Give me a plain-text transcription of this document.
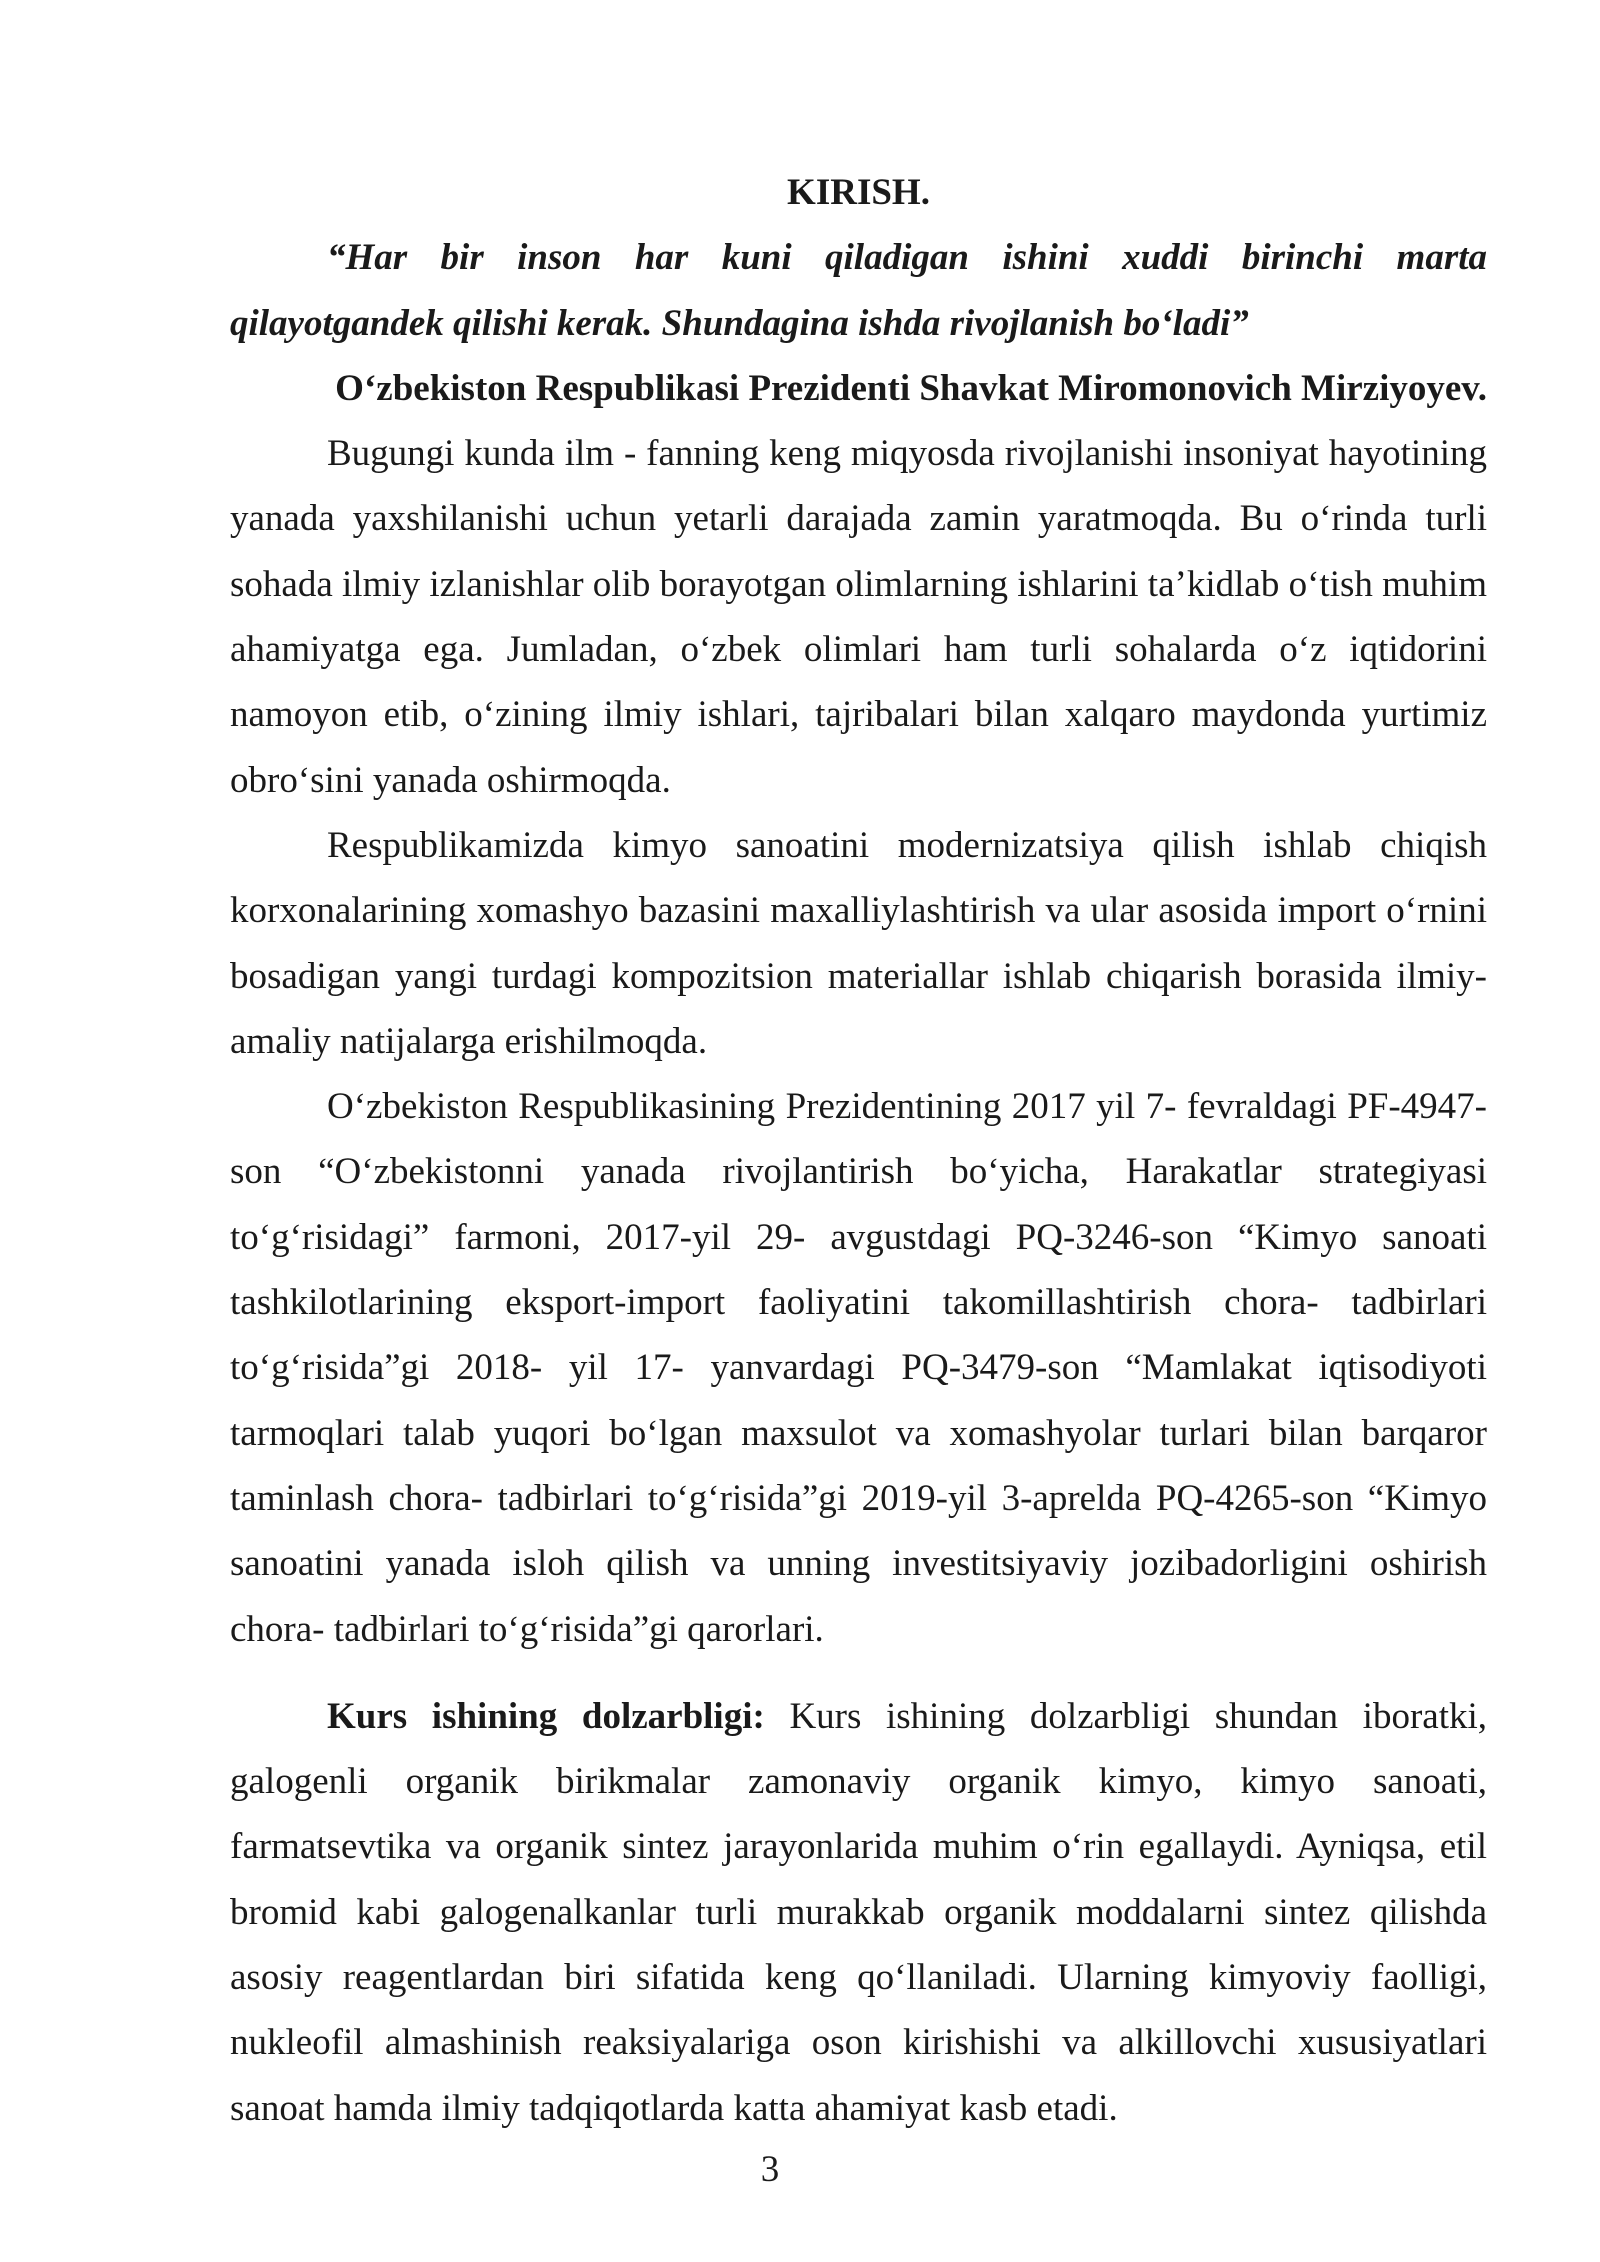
KIRISH.

“Har bir inson har kuni qiladigan ishini xuddi birinchi marta qilayotgandek qilishi kerak. Shundagina ishda rivojlanish bo‘ladi”

O‘zbekiston Respublikasi Prezidenti Shavkat Miromonovich Mirziyoyev.

Bugungi kunda ilm - fanning keng miqyosda rivojlanishi insoniyat hayotining yanada yaxshilanishi uchun yetarli darajada zamin yaratmoqda. Bu o‘rinda turli sohada ilmiy izlanishlar olib borayotgan olimlarning ishlarini ta’kidlab o‘tish muhim ahamiyatga ega. Jumladan, o‘zbek olimlari ham turli sohalarda o‘z iqtidorini namoyon etib, o‘zining ilmiy ishlari, tajribalari bilan xalqaro maydonda yurtimiz obro‘sini yanada oshirmoqda.

Respublikamizda kimyo sanoatini modernizatsiya qilish ishlab chiqish korxonalarining xomashyo bazasini maxalliylashtirish va ular asosida import o‘rnini bosadigan yangi turdagi kompozitsion materiallar ishlab chiqarish borasida ilmiy-amaliy natijalarga erishilmoqda.

O‘zbekiston Respublikasining Prezidentining 2017 yil 7- fevraldagi PF-4947-son “O‘zbekistonni yanada rivojlantirish bo‘yicha, Harakatlar strategiyasi to‘g‘risidagi” farmoni, 2017-yil 29- avgustdagi PQ-3246-son “Kimyo sanoati tashkilotlarining eksport-import faoliyatini takomillashtirish chora- tadbirlari to‘g‘risida”gi 2018- yil 17- yanvardagi PQ-3479-son “Mamlakat iqtisodiyoti tarmoqlari talab yuqori bo‘lgan maxsulot va xomashyolar turlari bilan barqaror taminlash chora- tadbirlari to‘g‘risida”gi 2019-yil 3-aprelda PQ-4265-son “Kimyo sanoatini yanada isloh qilish va unning investitsiyaviy jozibadorligini oshirish chora- tadbirlari to‘g‘risida”gi qarorlari.

Kurs ishining dolzarbligi: Kurs ishining dolzarbligi shundan iboratki, galogenli organik birikmalar zamonaviy organik kimyo, kimyo sanoati, farmatsevtika va organik sintez jarayonlarida muhim o‘rin egallaydi. Ayniqsa, etil bromid kabi galogenalkanlar turli murakkab organik moddalarni sintez qilishda asosiy reagentlardan biri sifatida keng qo‘llaniladi. Ularning kimyoviy faolligi, nukleofil almashinish reaksiyalariga oson kirishishi va alkillovchi xususiyatlari sanoat hamda ilmiy tadqiqotlarda katta ahamiyat kasb etadi.

3
